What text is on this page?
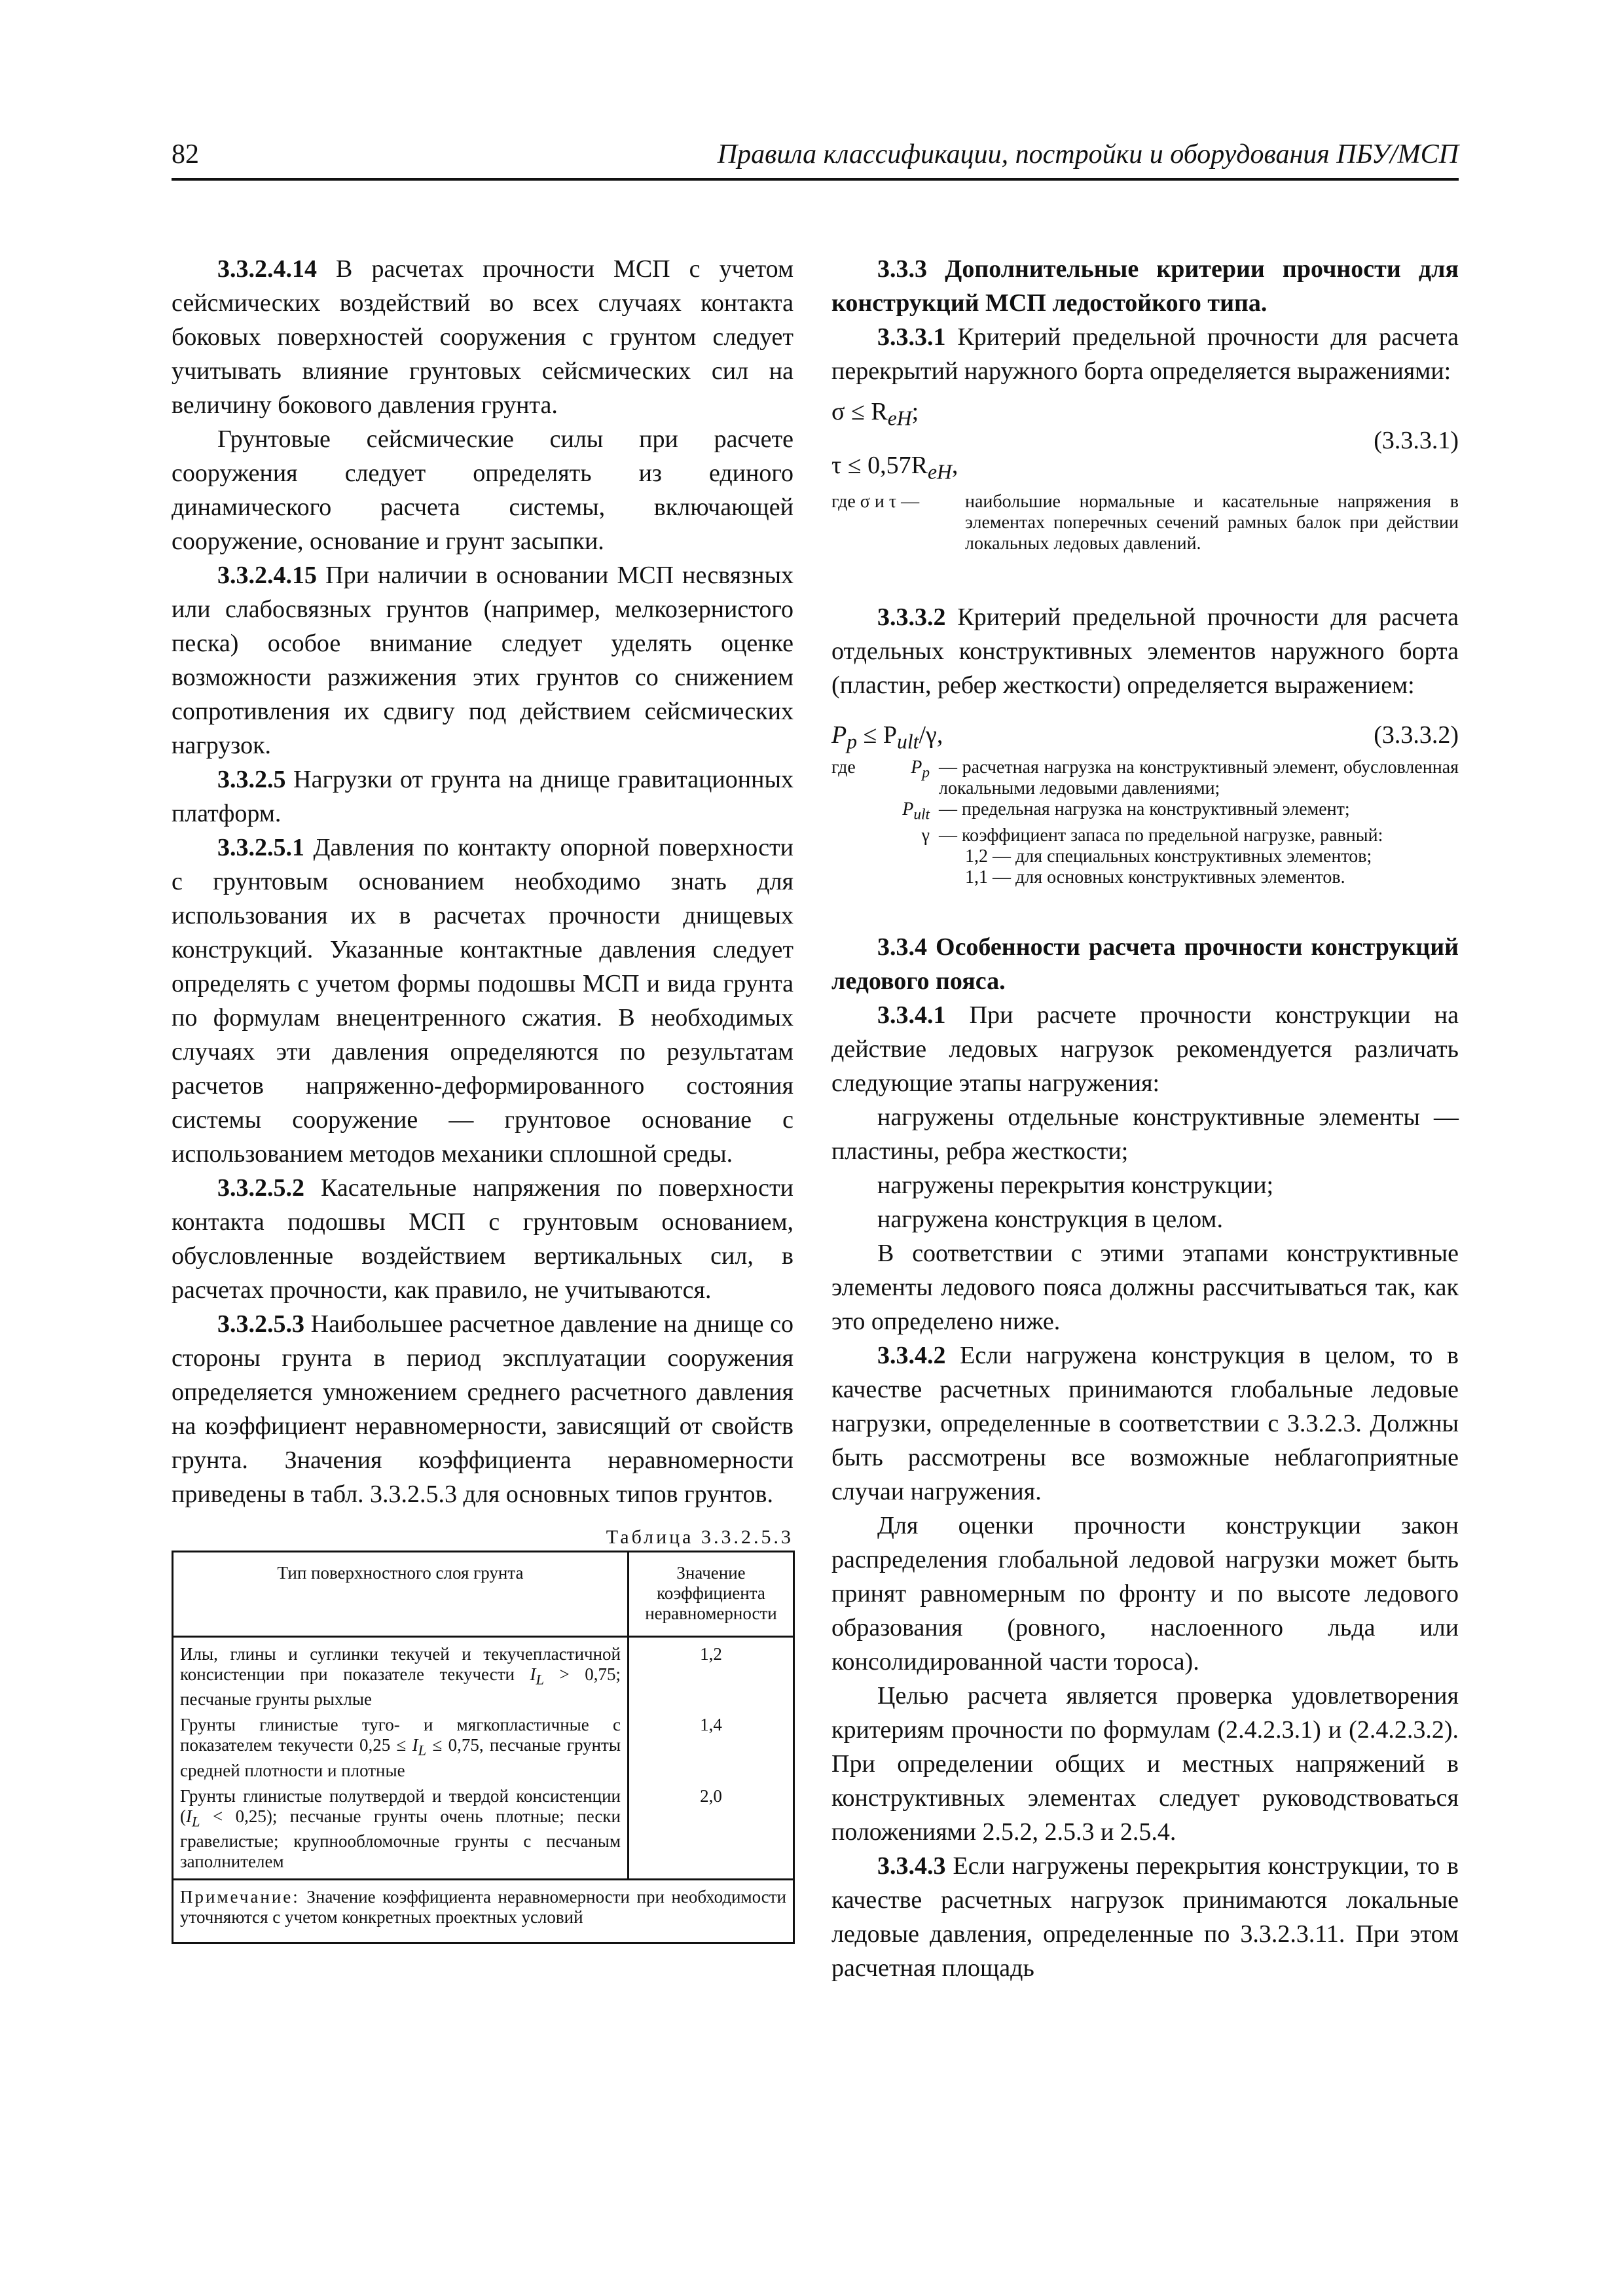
82	Правила классификации, постройки и оборудования ПБУ/МСП

3.3.2.4.14 В расчетах прочности МСП с учетом сейсмических воздействий во всех случаях контакта боковых поверхностей сооружения с грунтом следует учитывать влияние грунтовых сейсмических сил на величину бокового давления грунта.

Грунтовые сейсмические силы при расчете сооружения следует определять из единого динамического расчета системы, включающей сооружение, основание и грунт засыпки.

3.3.2.4.15 При наличии в основании МСП несвязных или слабосвязных грунтов (например, мелкозернистого песка) особое внимание следует уделять оценке возможности разжижения этих грунтов со снижением сопротивления их сдвигу под действием сейсмических нагрузок.

3.3.2.5 Нагрузки от грунта на днище гравитационных платформ.

3.3.2.5.1 Давления по контакту опорной поверхности с грунтовым основанием необходимо знать для использования их в расчетах прочности днищевых конструкций. Указанные контактные давления следует определять с учетом формы подошвы МСП и вида грунта по формулам внецентренного сжатия. В необходимых случаях эти давления определяются по результатам расчетов напряженно-деформированного состояния системы сооружение — грунтовое основание с использованием методов механики сплошной среды.

3.3.2.5.2 Касательные напряжения по поверхности контакта подошвы МСП с грунтовым основанием, обусловленные воздействием вертикальных сил, в расчетах прочности, как правило, не учитываются.

3.3.2.5.3 Наибольшее расчетное давление на днище со стороны грунта в период эксплуатации сооружения определяется умножением среднего расчетного давления на коэффициент неравномерности, зависящий от свойств грунта. Значения коэффициента неравномерности приведены в табл. 3.3.2.5.3 для основных типов грунтов.

Таблица 3.3.2.5.3
Тип поверхностного слоя грунта	Значение коэффициента неравномерности
Илы, глины и суглинки текучей и текучепластичной консистенции при показателе текучести $I_L > 0,75$; песчаные грунты рыхлые	1,2
Грунты глинистые туго- и мягкопластичные с показателем текучести $0,25 \le I_L \le 0,75$, песчаные грунты средней плотности и плотные	1,4
Грунты глинистые полутвердой и твердой консистенции $(I_L < 0,25)$; песчаные грунты очень плотные; пески гравелистые; крупнообломочные грунты с песчаным заполнителем	2,0
Примечание: Значение коэффициента неравномерности при необходимости уточняются с учетом конкретных проектных условий	

3.3.3 Дополнительные критерии прочности для конструкций МСП ледостойкого типа.

3.3.3.1 Критерий предельной прочности для расчета перекрытий наружного борта определяется выражениями:

$\sigma \le R_{eH}$;
$\tau \le 0,57R_{eH}$,
(3.3.3.1)
где σ и τ —	наибольшие нормальные и касательные напряжения в элементах поперечных сечений рамных балок при действии локальных ледовых давлений.

3.3.3.2 Критерий предельной прочности для расчета отдельных конструктивных элементов наружного борта (пластин, ребер жесткости) определяется выражением:

$P_p \le P_{ult}/\gamma$,	(3.3.3.2)
где	$P_p$ — расчетная нагрузка на конструктивный элемент, обусловленная локальными ледовыми давлениями;
$P_{ult}$ — предельная нагрузка на конструктивный элемент;
γ — коэффициент запаса по предельной нагрузке, равный:
1,2 — для специальных конструктивных элементов;
1,1 — для основных конструктивных элементов.

3.3.4 Особенности расчета прочности конструкций ледового пояса.

3.3.4.1 При расчете прочности конструкции на действие ледовых нагрузок рекомендуется различать следующие этапы нагружения:

нагружены отдельные конструктивные элементы — пластины, ребра жесткости;

нагружены перекрытия конструкции;

нагружена конструкция в целом.

В соответствии с этими этапами конструктивные элементы ледового пояса должны рассчитываться так, как это определено ниже.

3.3.4.2 Если нагружена конструкция в целом, то в качестве расчетных принимаются глобальные ледовые нагрузки, определенные в соответствии с 3.3.2.3. Должны быть рассмотрены все возможные неблагоприятные случаи нагружения.

Для оценки прочности конструкции закон распределения глобальной ледовой нагрузки может быть принят равномерным по фронту и по высоте ледового образования (ровного, наслоенного льда или консолидированной части тороса).

Целью расчета является проверка удовлетворения критериям прочности по формулам (2.4.2.3.1) и (2.4.2.3.2). При определении общих и местных напряжений в конструктивных элементах следует руководствоваться положениями 2.5.2, 2.5.3 и 2.5.4.

3.3.4.3 Если нагружены перекрытия конструкции, то в качестве расчетных нагрузок принимаются локальные ледовые давления, определенные по 3.3.2.3.11. При этом расчетная площадь
